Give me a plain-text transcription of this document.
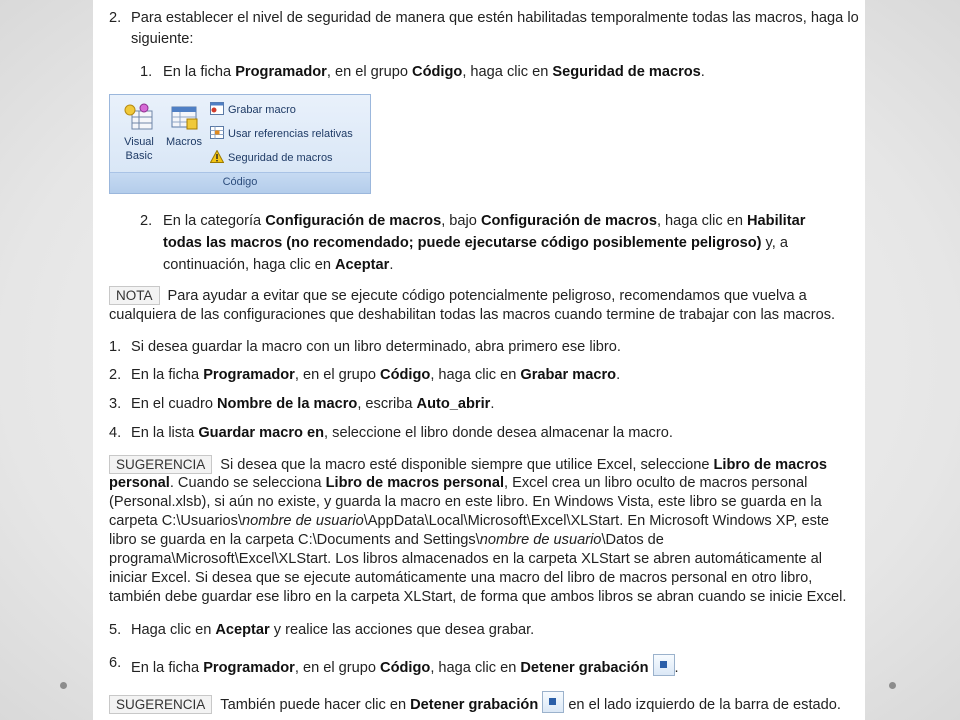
2. Para establecer el nivel de seguridad de manera que estén habilitadas temporalmente todas las macros, haga lo
siguiente:
1. En la ficha Programador, en el grupo Código, haga clic en Seguridad de macros.
Visual
Basic
Macros
Grabar macro
Usar referencias relativas
Seguridad de macros
Código
2. En la categoría Configuración de macros, bajo Configuración de macros, haga clic en Habilitar
todas las macros (no recomendado; puede ejecutarse código posiblemente peligroso) y, a
continuación, haga clic en Aceptar.
NOTA Para ayudar a evitar que se ejecute código potencialmente peligroso, recomendamos que vuelva a
cualquiera de las configuraciones que deshabilitan todas las macros cuando termine de trabajar con las macros.
1. Si desea guardar la macro con un libro determinado, abra primero ese libro.
2. En la ficha Programador, en el grupo Código, haga clic en Grabar macro.
3. En el cuadro Nombre de la macro, escriba Auto_abrir.
4. En la lista Guardar macro en, seleccione el libro donde desea almacenar la macro.
SUGERENCIA Si desea que la macro esté disponible siempre que utilice Excel, seleccione Libro de macros
personal. Cuando se selecciona Libro de macros personal, Excel crea un libro oculto de macros personal
(Personal.xlsb), si aún no existe, y guarda la macro en este libro. En Windows Vista, este libro se guarda en la
carpeta C:\Usuarios\nombre de usuario\AppData\Local\Microsoft\Excel\XLStart. En Microsoft Windows XP, este
libro se guarda en la carpeta C:\Documents and Settings\nombre de usuario\Datos de
programa\Microsoft\Excel\XLStart. Los libros almacenados en la carpeta XLStart se abren automáticamente al
iniciar Excel. Si desea que se ejecute automáticamente una macro del libro de macros personal en otro libro,
también debe guardar ese libro en la carpeta XLStart, de forma que ambos libros se abran cuando se inicie Excel.
5. Haga clic en Aceptar y realice las acciones que desea grabar.
6. En la ficha Programador, en el grupo Código, haga clic en Detener grabación .
SUGERENCIA También puede hacer clic en Detener grabación en el lado izquierdo de la barra de estado.
